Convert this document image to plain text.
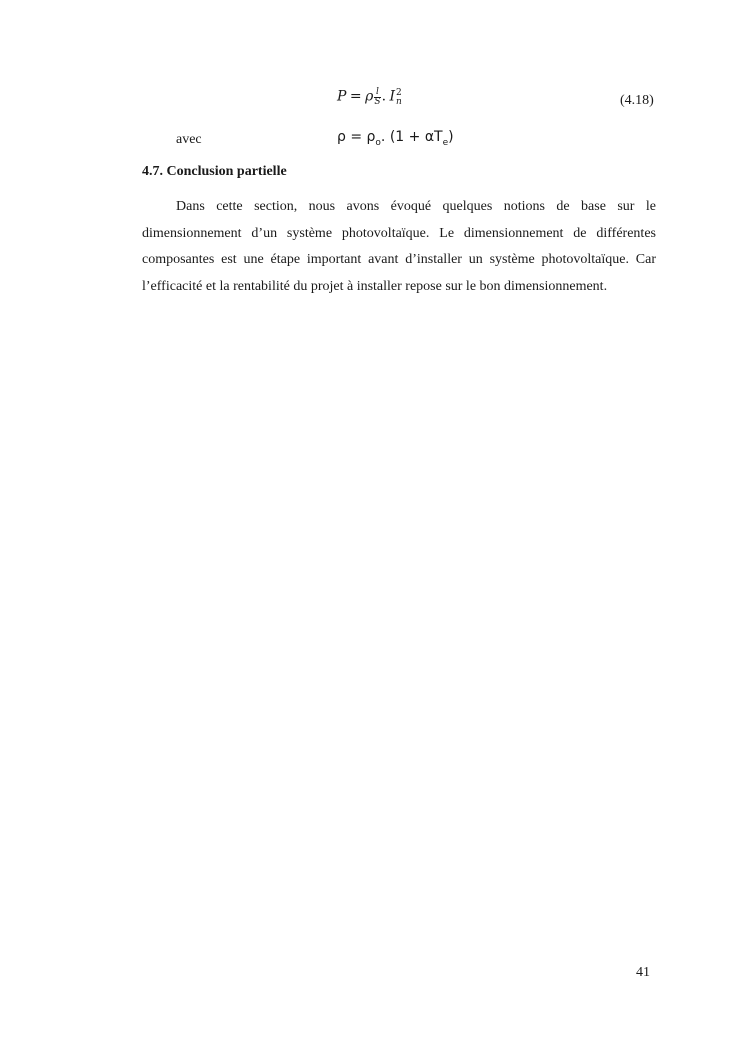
P = ρ $\frac{l}{S}$ . I 2
n	(4.18)
avec	$\rho = \rho_o$. $(1 + \alpha T_e)$
4.7. Conclusion partielle

Dans cette section, nous avons évoqué quelques notions de base sur le dimensionnement d’un système photovoltaïque. Le dimensionnement de différentes composantes est une étape important avant d’installer un système photovoltaïque. Car l’efficacité et la rentabilité du projet à installer repose sur le bon dimensionnement.

41
